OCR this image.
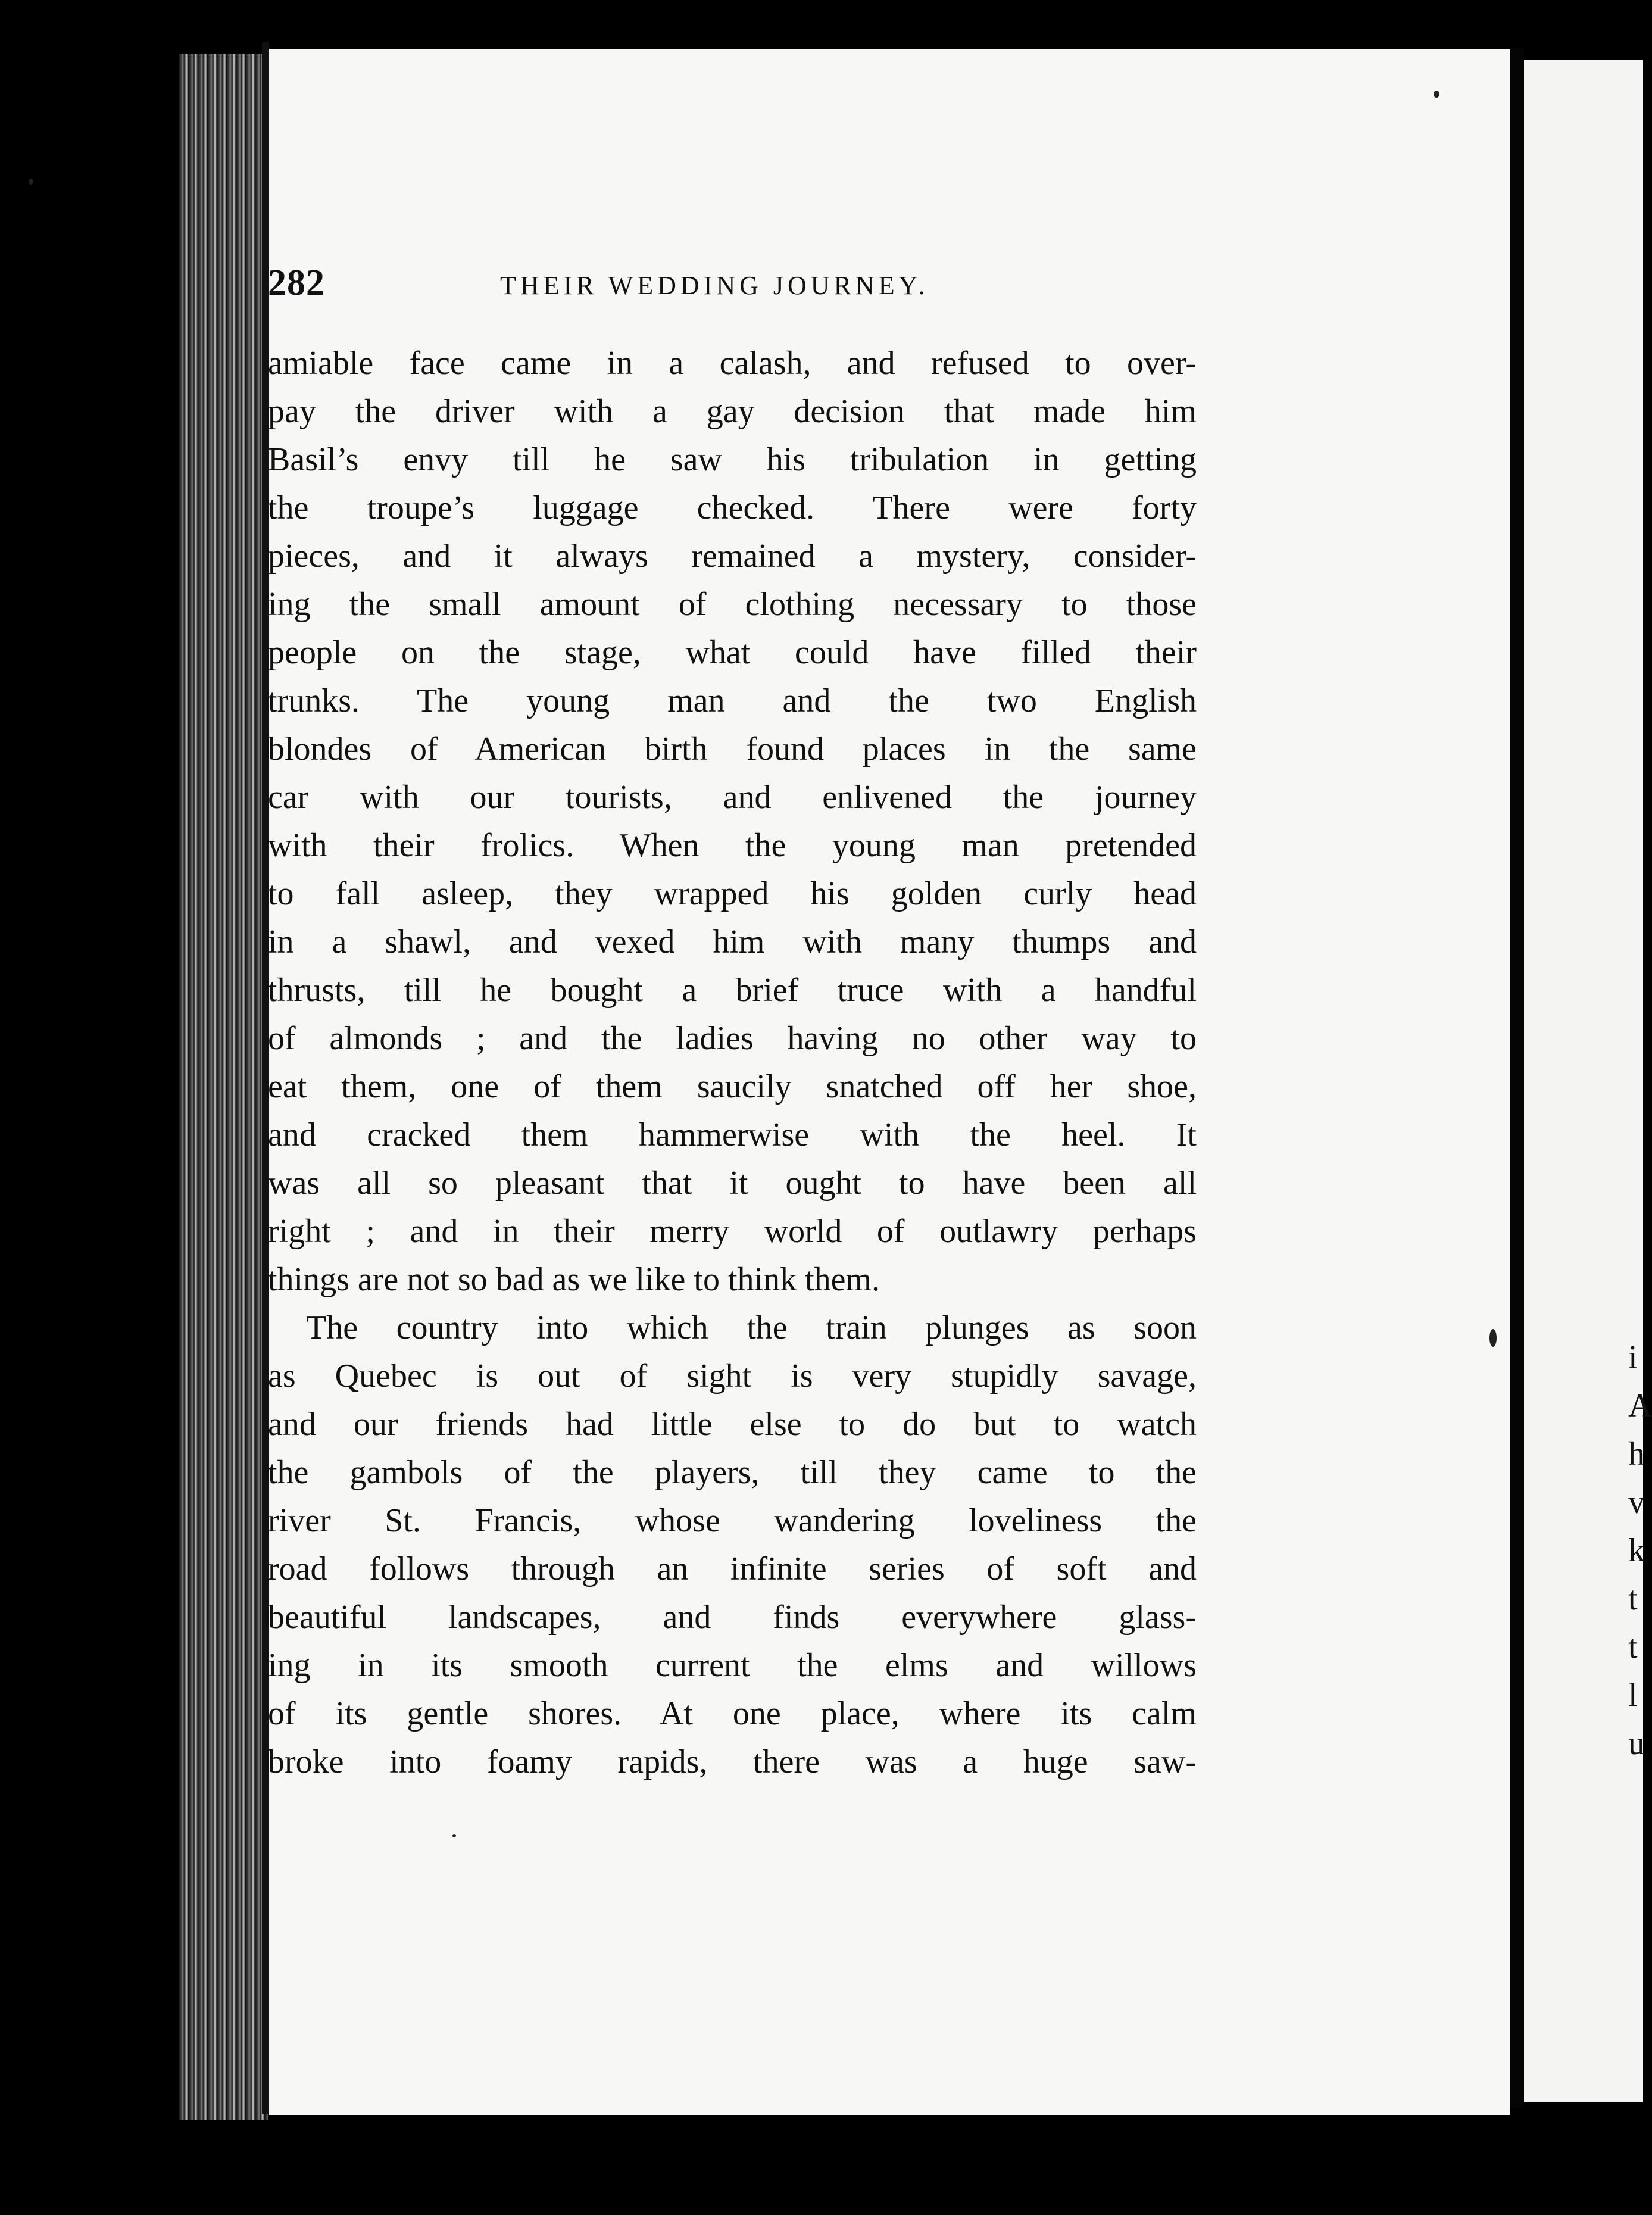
282	THEIR WEDDING JOURNEY.
amiable face came in a calash, and refused to over-
pay the driver with a gay decision that made him
Basil’s envy till he saw his tribulation in getting
the troupe’s luggage checked. There were forty
pieces, and it always remained a mystery, consider-
ing the small amount of clothing necessary to those
people on the stage, what could have filled their
trunks. The young man and the two English
blondes of American birth found places in the same
car with our tourists, and enlivened the journey
with their frolics. When the young man pretended
to fall asleep, they wrapped his golden curly head
in a shawl, and vexed him with many thumps and
thrusts, till he bought a brief truce with a handful
of almonds ; and the ladies having no other way to
eat them, one of them saucily snatched off her shoe,
and cracked them hammerwise with the heel. It
was all so pleasant that it ought to have been all
right ; and in their merry world of outlawry perhaps
things are not so bad as we like to think them.
The country into which the train plunges as soon
as Quebec is out of sight is very stupidly savage,
and our friends had little else to do but to watch
the gambols of the players, till they came to the
river St. Francis, whose wandering loveliness the
road follows through an infinite series of soft and
beautiful landscapes, and finds everywhere glass-
ing in its smooth current the elms and willows
of its gentle shores. At one place, where its calm
broke into foamy rapids, there was a huge saw-
i
A
h
v
k
t
t
l
u
